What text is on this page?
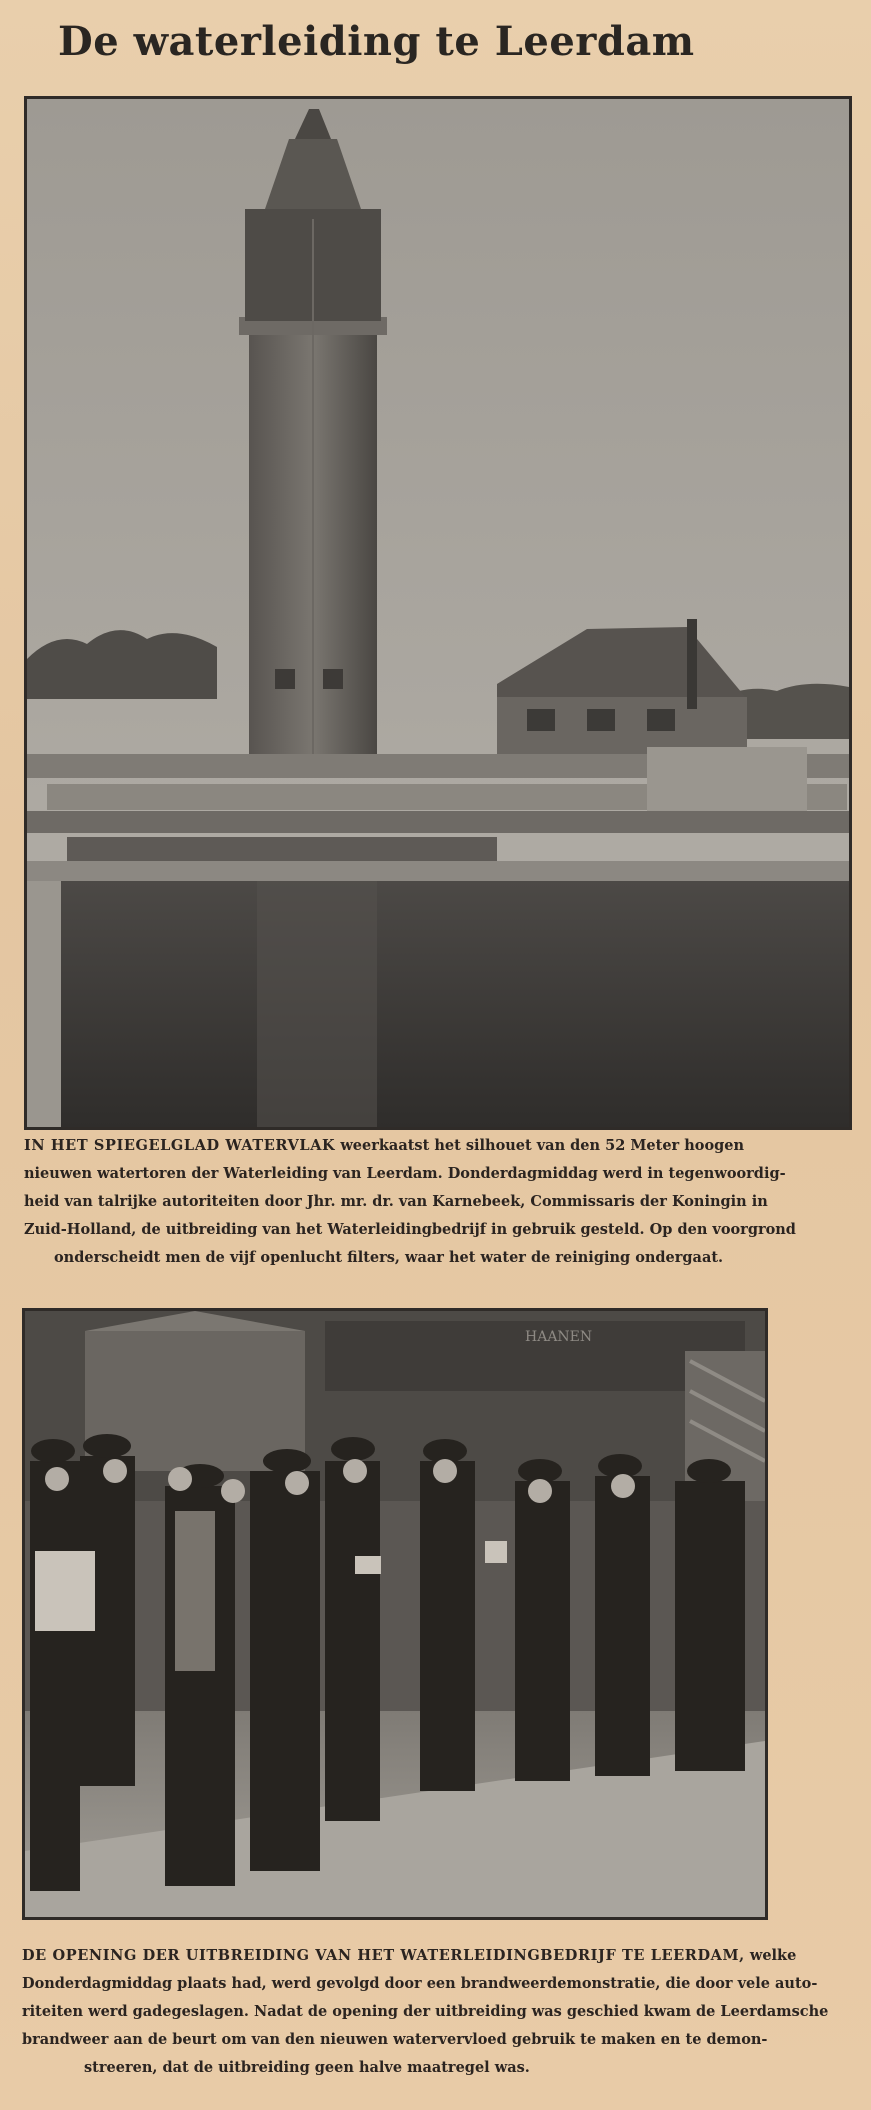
De waterleiding te Leerdam
IN HET SPIEGELGLAD WATERVLAK weerkaatst het silhouet van den 52 Meter hoogen
nieuwen watertoren der Waterleiding van Leerdam. Donderdagmiddag werd in tegenwoordig-
heid van talrijke autoriteiten door Jhr. mr. dr. van Karnebeek, Commissaris der Koningin in
Zuid-Holland, de uitbreiding van het Waterleidingbedrijf in gebruik gesteld. Op den voorgrond
onderscheidt men de vijf openlucht filters, waar het water de reiniging ondergaat.
HAANEN
DE OPENING DER UITBREIDING VAN HET WATERLEIDINGBEDRIJF TE LEERDAM, welke
Donderdagmiddag plaats had, werd gevolgd door een brandweerdemonstratie, die door vele auto-
riteiten werd gadegeslagen. Nadat de opening der uitbreiding was geschied kwam de Leerdamsche
brandweer aan de beurt om van den nieuwen watervervloed gebruik te maken en te demon-
streeren, dat de uitbreiding geen halve maatregel was.
